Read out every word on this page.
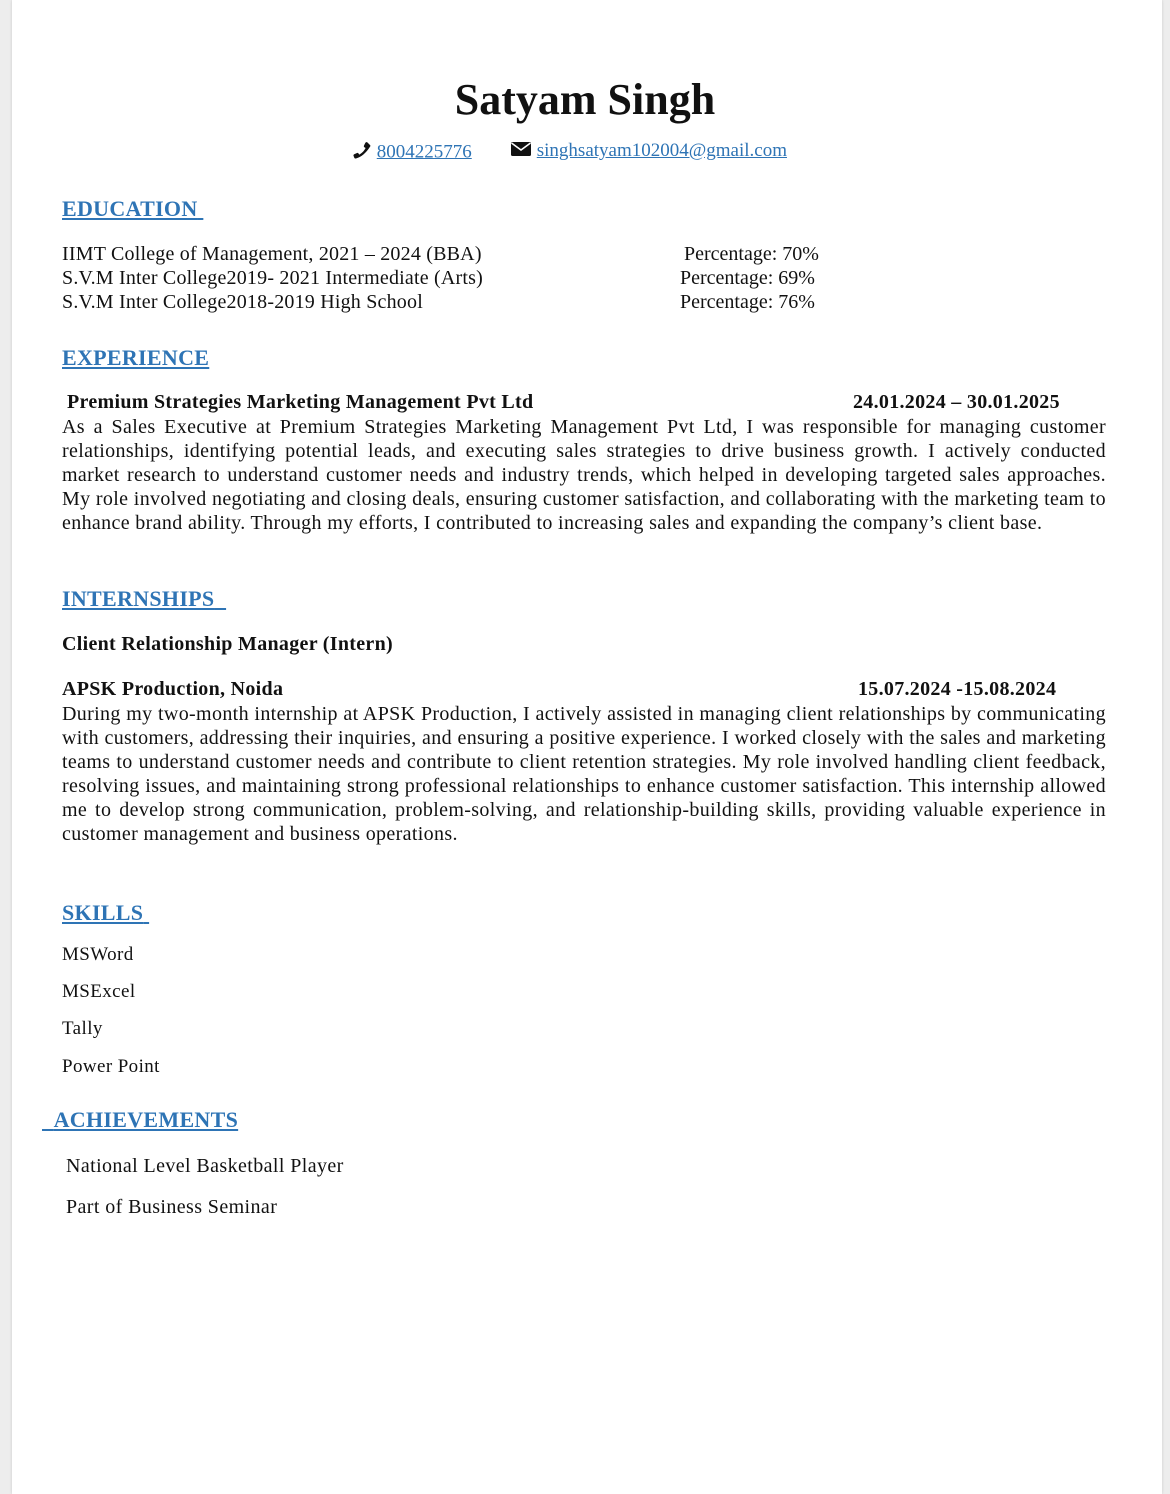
Satyam Singh
8004225776	singhsatyam102004@gmail.com
EDUCATION
IIMT College of Management, 2021 – 2024 (BBA)	Percentage: 70%
S.V.M Inter College2019- 2021 Intermediate (Arts)	Percentage: 69%
S.V.M Inter College2018-2019 High School	Percentage: 76%
EXPERIENCE
Premium Strategies Marketing Management Pvt Ltd	24.01.2024 – 30.01.2025
As a Sales Executive at Premium Strategies Marketing Management Pvt Ltd, I was responsible for managing customer relationships, identifying potential leads, and executing sales strategies to drive business growth. I actively conducted market research to understand customer needs and industry trends, which helped in developing targeted sales approaches. My role involved negotiating and closing deals, ensuring customer satisfaction, and collaborating with the marketing team to enhance brand ability. Through my efforts, I contributed to increasing sales and expanding the company’s client base.
INTERNSHIPS
Client Relationship Manager (Intern)
APSK Production, Noida	15.07.2024 -15.08.2024
During my two-month internship at APSK Production, I actively assisted in managing client relationships by communicating with customers, addressing their inquiries, and ensuring a positive experience. I worked closely with the sales and marketing teams to understand customer needs and contribute to client retention strategies. My role involved handling client feedback, resolving issues, and maintaining strong professional relationships to enhance customer satisfaction. This internship allowed me to develop strong communication, problem-solving, and relationship-building skills, providing valuable experience in customer management and business operations.
SKILLS
MSWord
MSExcel
Tally
Power Point
ACHIEVEMENTS
National Level Basketball Player
Part of Business Seminar
